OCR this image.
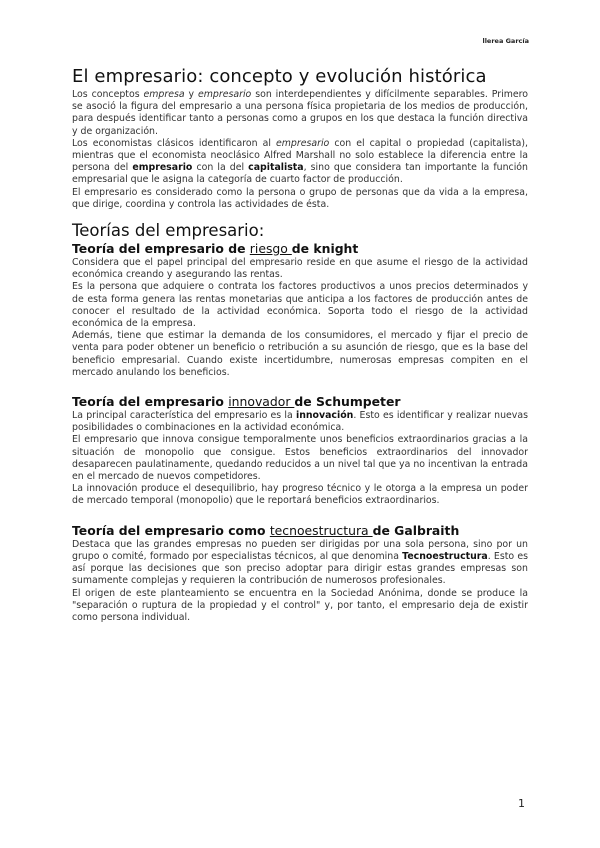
llerea García
El empresario: concepto y evolución histórica

Los conceptos empresa y empresario son interdependientes y difícilmente separables. Primero se asoció la figura del empresario a una persona física propietaria de los medios de producción, para después identificar tanto a personas como a grupos en los que destaca la función directiva y de organización.

Los economistas clásicos identificaron al empresario con el capital o propiedad (capitalista), mientras que el economista neoclásico Alfred Marshall no solo establece la diferencia entre la persona del empresario con la del capitalista, sino que considera tan importante la función empresarial que le asigna la categoría de cuarto factor de producción.

El empresario es considerado como la persona o grupo de personas que da vida a la empresa, que dirige, coordina y controla las actividades de ésta.

Teorías del empresario:
Teoría del empresario de riesgo de knight

Considera que el papel principal del empresario reside en que asume el riesgo de la actividad económica creando y asegurando las rentas.

Es la persona que adquiere o contrata los factores productivos a unos precios determinados y de esta forma genera las rentas monetarias que anticipa a los factores de producción antes de conocer el resultado de la actividad económica. Soporta todo el riesgo de la actividad económica de la empresa.

Además, tiene que estimar la demanda de los consumidores, el mercado y fijar el precio de venta para poder obtener un beneficio o retribución a su asunción de riesgo, que es la base del beneficio empresarial. Cuando existe incertidumbre, numerosas empresas compiten en el mercado anulando los beneficios.

Teoría del empresario innovador de Schumpeter

La principal característica del empresario es la innovación. Esto es identificar y realizar nuevas posibilidades o combinaciones en la actividad económica.

El empresario que innova consigue temporalmente unos beneficios extraordinarios gracias a la situación de monopolio que consigue. Estos beneficios extraordinarios del innovador desaparecen paulatinamente, quedando reducidos a un nivel tal que ya no incentivan la entrada en el mercado de nuevos competidores.

La innovación produce el desequilibrio, hay progreso técnico y le otorga a la empresa un poder de mercado temporal (monopolio) que le reportará beneficios extraordinarios.

Teoría del empresario como tecnoestructura de Galbraith

Destaca que las grandes empresas no pueden ser dirigidas por una sola persona, sino por un grupo o comité, formado por especialistas técnicos, al que denomina Tecnoestructura. Esto es así porque las decisiones que son preciso adoptar para dirigir estas grandes empresas son sumamente complejas y requieren la contribución de numerosos profesionales.

El origen de este planteamiento se encuentra en la Sociedad Anónima, donde se produce la "separación o ruptura de la propiedad y el control" y, por tanto, el empresario deja de existir como persona individual.

1
